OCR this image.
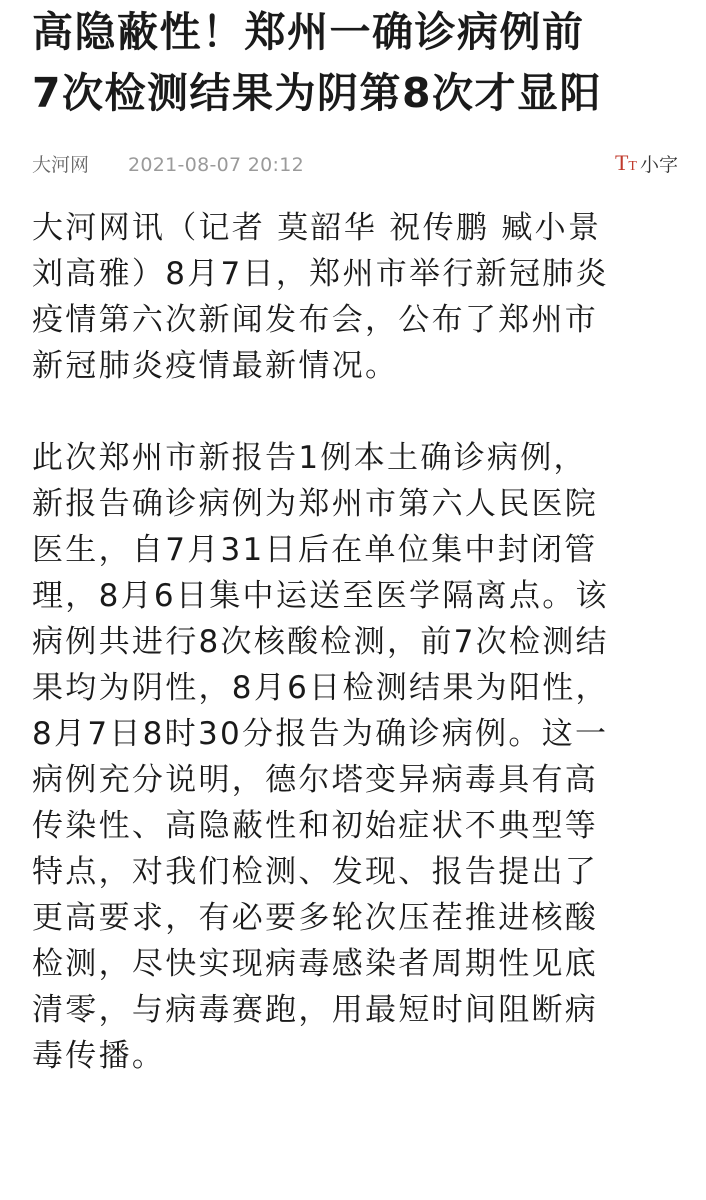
高隐蔽性！郑州一确诊病例前
7次检测结果为阴第8次才显阳
大河网 2021-08-07 20:12	TT 小字

大河网讯（记者 莫韶华 祝传鹏 臧小景
刘高雅）8月7日，郑州市举行新冠肺炎
疫情第六次新闻发布会，公布了郑州市
新冠肺炎疫情最新情况。

此次郑州市新报告1例本土确诊病例，
新报告确诊病例为郑州市第六人民医院
医生，自7月31日后在单位集中封闭管
理，8月6日集中运送至医学隔离点。该
病例共进行8次核酸检测，前7次检测结
果均为阴性，8月6日检测结果为阳性，
8月7日8时30分报告为确诊病例。这一
病例充分说明，德尔塔变异病毒具有高
传染性、高隐蔽性和初始症状不典型等
特点，对我们检测、发现、报告提出了
更高要求，有必要多轮次压茬推进核酸
检测，尽快实现病毒感染者周期性见底
清零，与病毒赛跑，用最短时间阻断病
毒传播。
